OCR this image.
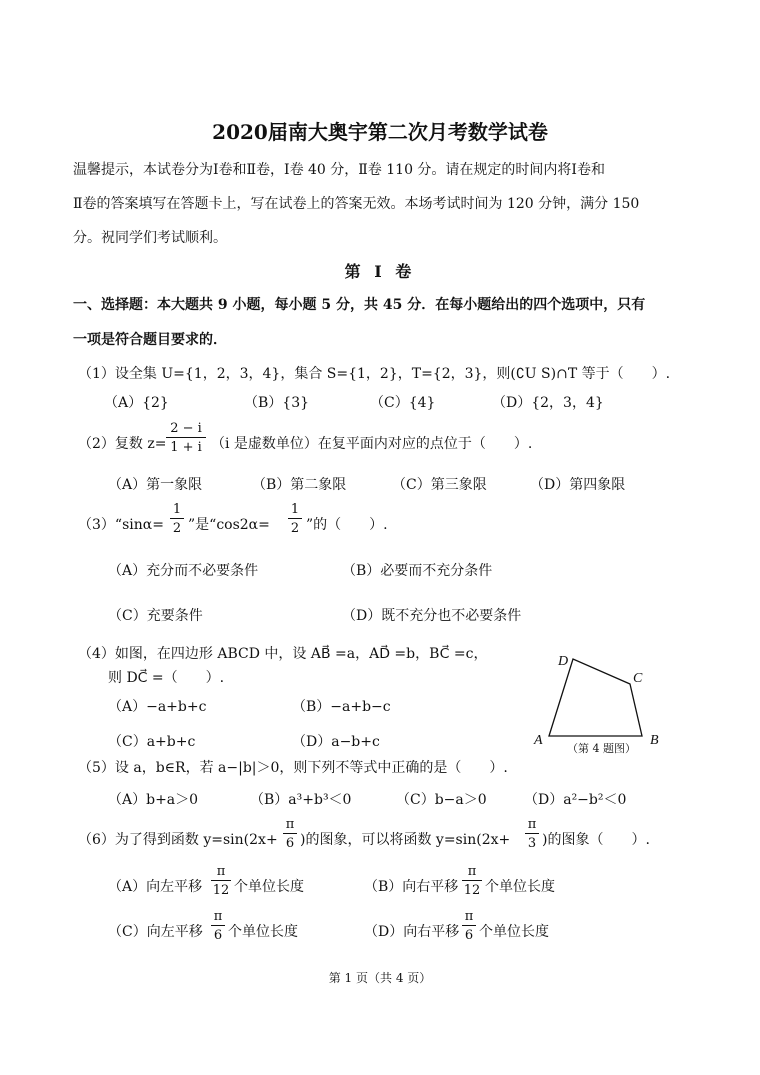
2020届南大奥宇第二次月考数学试卷
温馨提示，本试卷分为Ⅰ卷和Ⅱ卷，Ⅰ卷 40 分，Ⅱ卷 110 分。请在规定的时间内将Ⅰ卷和
Ⅱ卷的答案填写在答题卡上，写在试卷上的答案无效。本场考试时间为 120 分钟，满分 150
分。祝同学们考试顺利。
第 Ⅰ 卷
一、选择题：本大题共 9 小题，每小题 5 分，共 45 分．在每小题给出的四个选项中，只有
一项是符合题目要求的．
（1）设全集 U={1，2，3，4}，集合 S={1，2}，T={2，3}，则(∁U S)∩T 等于（　　）.
（A）{2}	（B）{3}	（C）{4}	（D）{2，3，4}
（2）复数 $z= \frac{2 - i}{1 + i} (i$ 是虚数单位）在复平面内对应的点位于（　　）.
（A）第一象限	（B）第二象限	（C）第三象限	（D）第四象限
（3）“sinα= $\frac{1}{2}$ ”是“$\cos 2\alpha= \frac{1}{2}$ ”的（　　）.
（A）充分而不必要条件	（B）必要而不充分条件
（C）充要条件	（D）既不充分也不必要条件
（4）如图，在四边形 ABCD 中，设 AB⃗ =a，AD⃗ =b，BC⃗ =c，
则 DC⃗ =（　　）.
（A）−a+b+c	（B）−a+b−c
（C）a+b+c	（D）a−b+c	A	B
C
D
（第 4 题图）
（5）设 a，b∈R，若 a−|b|＞0，则下列不等式中正确的是（　　）.
（A）b+a＞0	（B）a³+b³＜0	（C）b−a＞0	（D）a²−b²＜0
（6）为了得到函数 $y=\sin(2x+ \frac{\pi}{6}$ )的图象，可以将函数 $y=\sin(2x+ \frac{\pi}{3}$ )的图象（　　）.
（A）向左平移 $\frac{\pi}{12}$ 个单位长度	（B）向右平移 $\frac{\pi}{12}$ 个单位长度
（C）向左平移 $\frac{\pi}{6}$ 个单位长度	（D）向右平移 $\frac{\pi}{6}$ 个单位长度
第 1 页（共 4 页）
